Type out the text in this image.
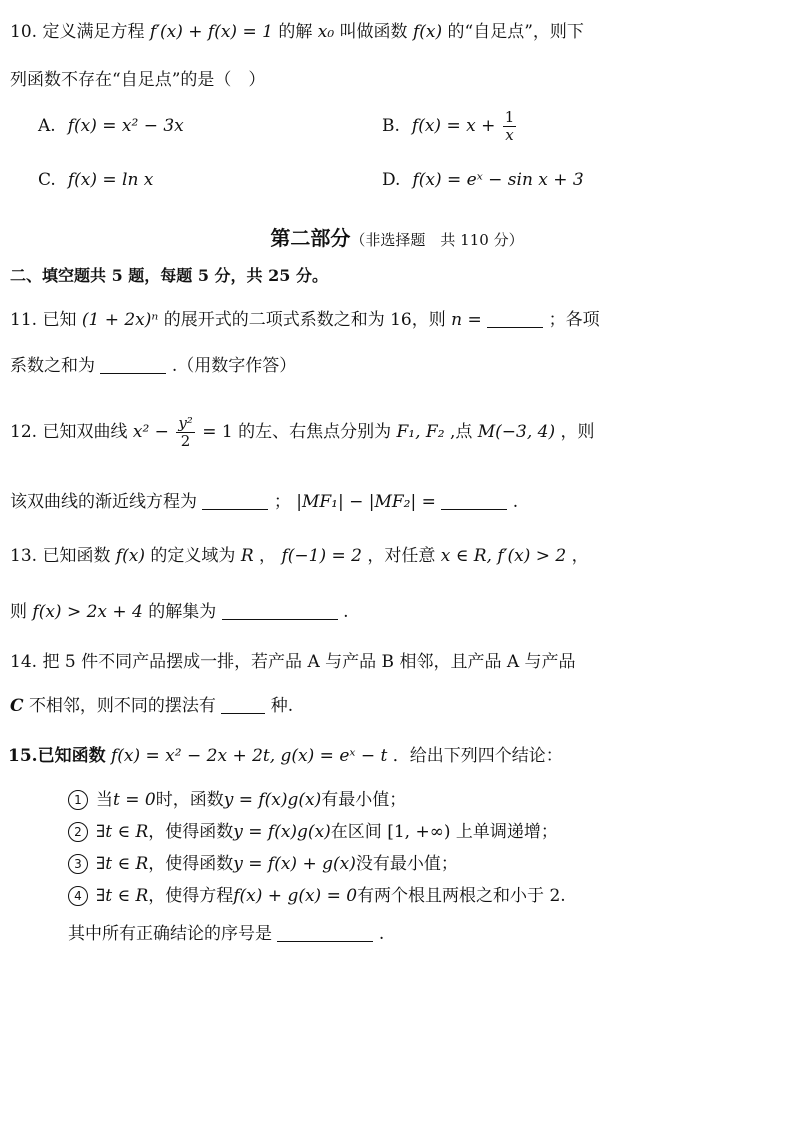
10. 定义满足方程 f′(x) + f(x) = 1 的解 x₀ 叫做函数 f(x) 的“自足点”，则下
列函数不存在“自足点”的是（　）
A. f(x) = x² − 3x	B. $f(x) = x + \frac{1}{x}$
C. f(x) = ln x	D. f(x) = eˣ − sin x + 3
第二部分（非选择题　共 110 分）
二、填空题共 5 题，每题 5 分，共 25 分。
11. 已知 (1 + 2x)ⁿ 的展开式的二项式系数之和为 16，则 n =	；各项
系数之和为	.（用数字作答）
12. 已知双曲线 $x^2 - \frac{\text{y²}}{2} = 1$ 的左、右焦点分别为 F₁, F₂ ,点 M(−3, 4) ，则
该双曲线的渐近线方程为	； |MF₁| − |MF₂| =	.
13. 已知函数 f(x) 的定义域为 R ， f(−1) = 2 ，对任意 x ∈ R, f′(x) > 2 ，
则 f(x) > 2x + 4 的解集为	.
14. 把 5 件不同产品摆成一排，若产品 A 与产品 B 相邻，且产品 A 与产品
C 不相邻，则不同的摆法有	种.
15.已知函数 f(x) = x² − 2x + 2t, g(x) = eˣ − t ．给出下列四个结论：
1 当t = 0时，函数y = f(x)g(x)有最小值；
2 ∃t ∈ R，使得函数y = f(x)g(x)在区间 [1, +∞) 上单调递增；
3 ∃t ∈ R，使得函数y = f(x) + g(x)没有最小值；
4 ∃t ∈ R，使得方程f(x) + g(x) = 0有两个根且两根之和小于 2.
其中所有正确结论的序号是	.
